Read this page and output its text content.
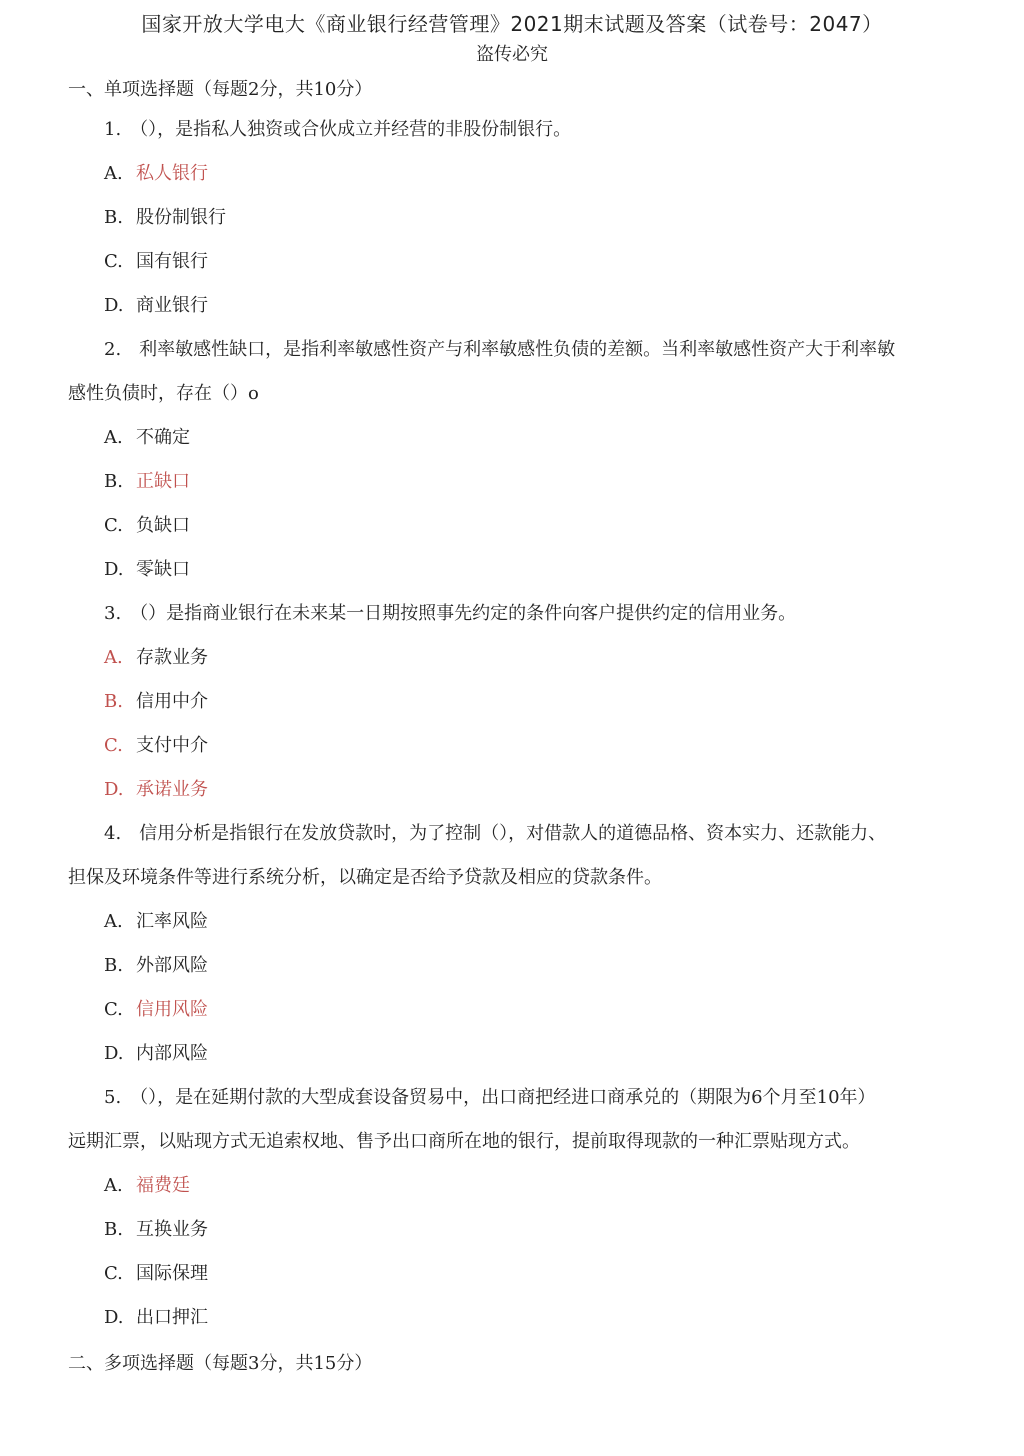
国家开放大学电大《商业银行经营管理》2021期末试题及答案（试卷号：2047）
盗传必究
一、单项选择题（每题2分，共10分）
1.　（），是指私人独资或合伙成立并经营的非股份制银行。
A. 私人银行
B. 股份制银行
C. 国有银行
D. 商业银行
2.　利率敏感性缺口，是指利率敏感性资产与利率敏感性负债的差额。当利率敏感性资产大于利率敏
感性负债时，存在（）o
A. 不确定
B. 正缺口
C. 负缺口
D. 零缺口
3.　（）是指商业银行在未来某一日期按照事先约定的条件向客户提供约定的信用业务。
A. 存款业务
B. 信用中介
C. 支付中介
D. 承诺业务
4.　信用分析是指银行在发放贷款时，为了控制（），对借款人的道德品格、资本实力、还款能力、
担保及环境条件等进行系统分析，以确定是否给予贷款及相应的贷款条件。
A. 汇率风险
B. 外部风险
C. 信用风险
D. 内部风险
5.　（），是在延期付款的大型成套设备贸易中，出口商把经进口商承兑的（期限为6个月至10年）
远期汇票，以贴现方式无追索权地、售予出口商所在地的银行，提前取得现款的一种汇票贴现方式。
A. 福费廷
B. 互换业务
C. 国际保理
D. 出口押汇
二、多项选择题（每题3分，共15分）
